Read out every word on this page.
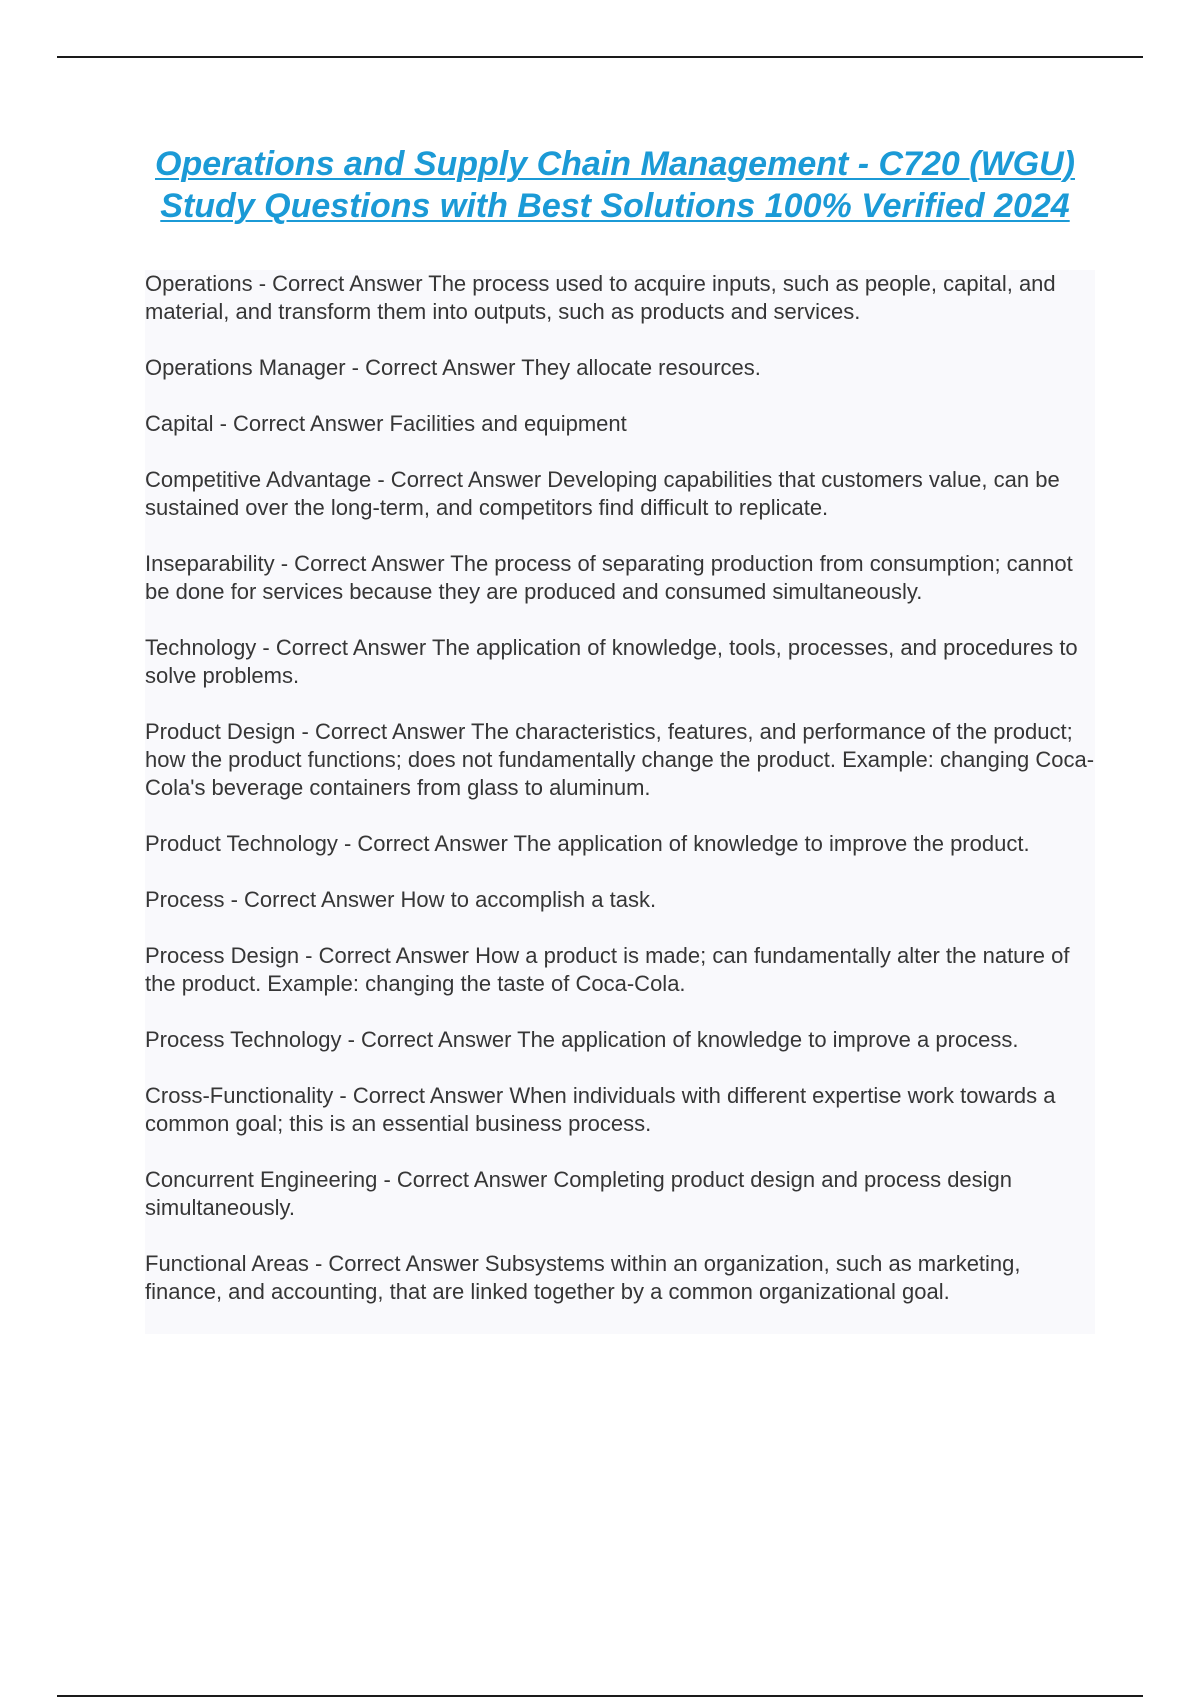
Operations and Supply Chain Management - C720 (WGU) Study Questions with Best Solutions 100% Verified 2024

Operations - Correct Answer The process used to acquire inputs, such as people, capital, and material, and transform them into outputs, such as products and services.

Operations Manager - Correct Answer They allocate resources.

Capital - Correct Answer Facilities and equipment

Competitive Advantage - Correct Answer Developing capabilities that customers value, can be sustained over the long-term, and competitors find difficult to replicate.

Inseparability - Correct Answer The process of separating production from consumption; cannot be done for services because they are produced and consumed simultaneously.

Technology - Correct Answer The application of knowledge, tools, processes, and procedures to solve problems.

Product Design - Correct Answer The characteristics, features, and performance of the product; how the product functions; does not fundamentally change the product. Example: changing Coca-Cola's beverage containers from glass to aluminum.

Product Technology - Correct Answer The application of knowledge to improve the product.

Process - Correct Answer How to accomplish a task.

Process Design - Correct Answer How a product is made; can fundamentally alter the nature of the product. Example: changing the taste of Coca-Cola.

Process Technology - Correct Answer The application of knowledge to improve a process.

Cross-Functionality - Correct Answer When individuals with different expertise work towards a common goal; this is an essential business process.

Concurrent Engineering - Correct Answer Completing product design and process design simultaneously.

Functional Areas - Correct Answer Subsystems within an organization, such as marketing, finance, and accounting, that are linked together by a common organizational goal.
